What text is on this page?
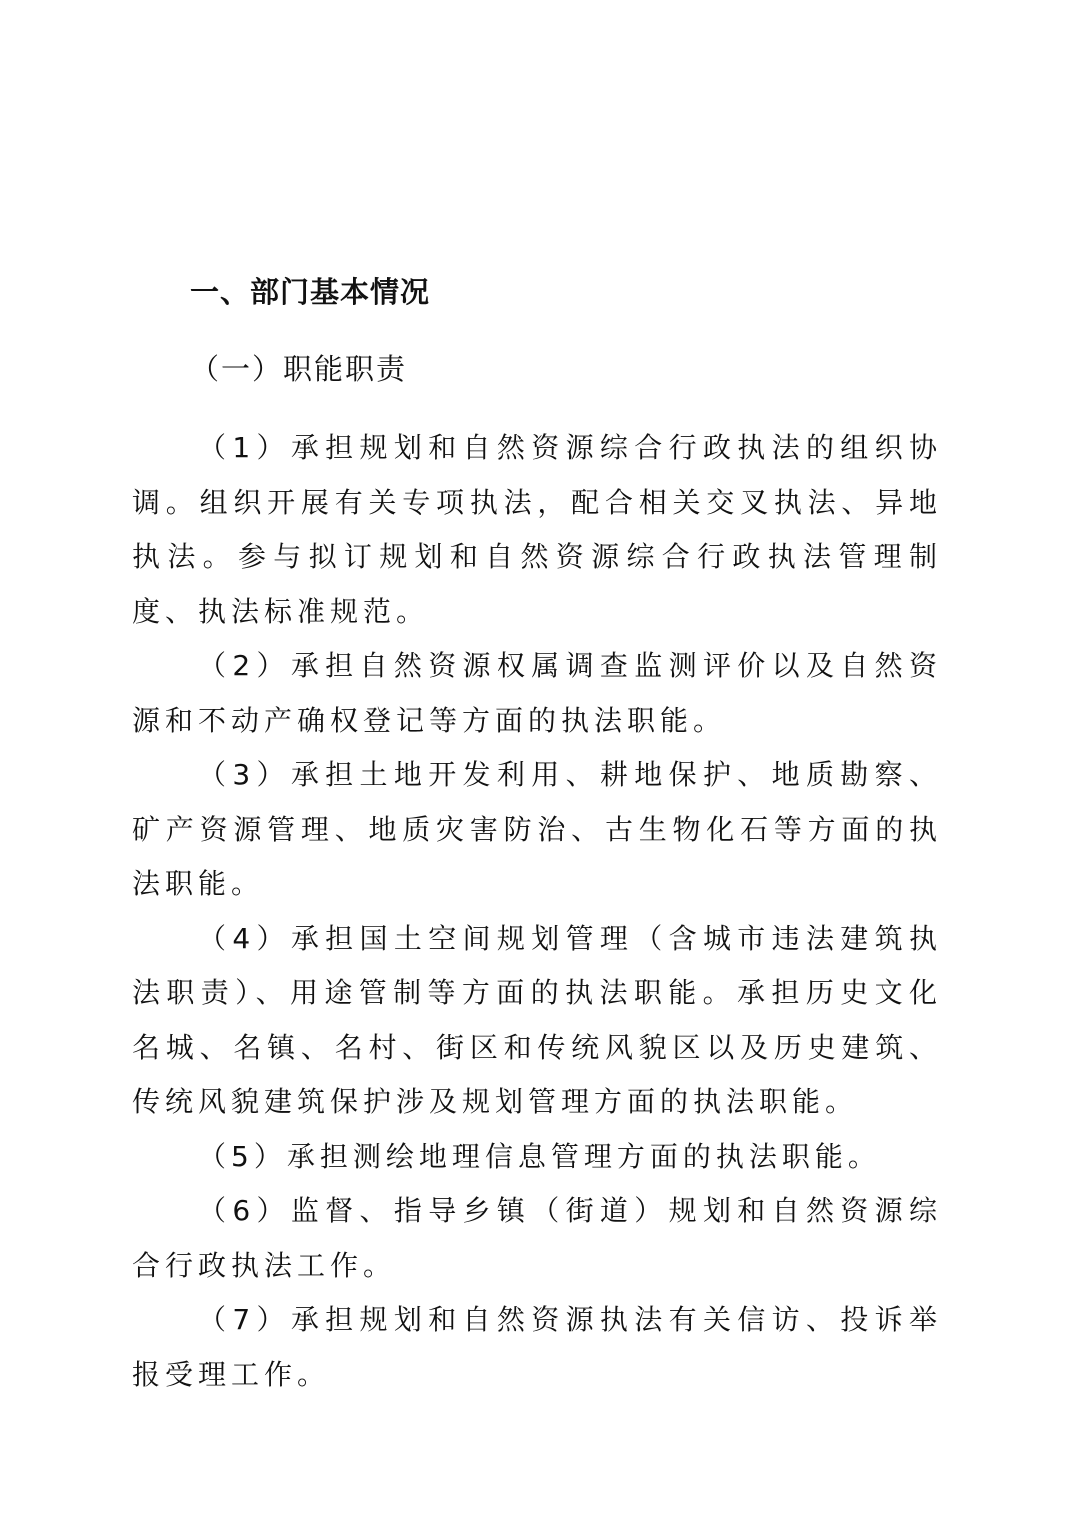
一、部门基本情况
（一）职能职责

（1）承担规划和自然资源综合行政执法的组织协调。组织开展有关专项执法，配合相关交叉执法、异地执法。参与拟订规划和自然资源综合行政执法管理制度、执法标准规范。

（2）承担自然资源权属调查监测评价以及自然资源和不动产确权登记等方面的执法职能。

（3）承担土地开发利用、耕地保护、地质勘察、矿产资源管理、地质灾害防治、古生物化石等方面的执法职能。

（4）承担国土空间规划管理（含城市违法建筑执法职责）、用途管制等方面的执法职能。承担历史文化名城、名镇、名村、街区和传统风貌区以及历史建筑、传统风貌建筑保护涉及规划管理方面的执法职能。

（5）承担测绘地理信息管理方面的执法职能。

（6）监督、指导乡镇（街道）规划和自然资源综合行政执法工作。

（7）承担规划和自然资源执法有关信访、投诉举报受理工作。
